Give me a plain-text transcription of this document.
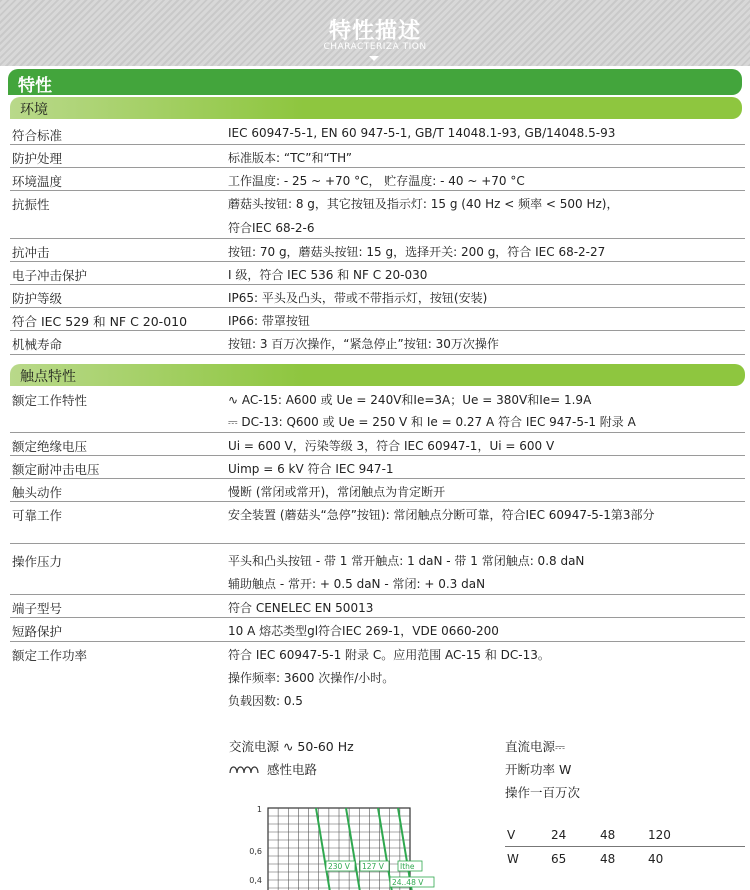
特性描述
CHARACTERIZA TION
特性
环境
符合标准	IEC 60947-5-1, EN 60 947-5-1, GB/T 14048.1-93, GB/14048.5-93
防护处理	标准版本: “TC”和“TH”
环境温度	工作温度: - 25 ~ +70 °C， 贮存温度: - 40 ~ +70 °C
抗振性	蘑菇头按钮: 8 g，其它按钮及指示灯: 15 g (40 Hz < 频率 < 500 Hz)，
符合IEC 68-2-6
抗冲击	按钮: 70 g，蘑菇头按钮: 15 g，选择开关: 200 g，符合 IEC 68-2-27
电子冲击保护	I 级，符合 IEC 536 和 NF C 20-030
防护等级	IP65: 平头及凸头，带或不带指示灯，按钮(安装)
符合 IEC 529 和 NF C 20-010	IP66: 带罩按钮
机械寿命	按钮: 3 百万次操作，“紧急停止”按钮: 30万次操作
触点特性
额定工作特性	∿ AC-15: A600 或 Ue = 240V和Ie=3A；Ue = 380V和Ie= 1.9A
⎓ DC-13: Q600 或 Ue = 250 V 和 Ie = 0.27 A 符合 IEC 947-5-1 附录 A
额定绝缘电压	Ui = 600 V，污染等级 3，符合 IEC 60947-1，Ui = 600 V
额定耐冲击电压	Uimp = 6 kV 符合 IEC 947-1
触头动作	慢断 (常闭或常开)，常闭触点为肯定断开
可靠工作	安全装置 (蘑菇头“急停”按钮): 常闭触点分断可靠，符合IEC 60947-5-1第3部分
操作压力	平头和凸头按钮 - 带 1 常开触点: 1 daN - 带 1 常闭触点: 0.8 daN
辅助触点 - 常开: + 0.5 daN - 常闭: + 0.3 daN
端子型号	符合 CENELEC EN 50013
短路保护	10 A 熔芯类型gl符合IEC 269-1，VDE 0660-200
额定工作功率	符合 IEC 60947-5-1 附录 C。应用范围 AC-15 和 DC-13。
操作频率: 3600 次操作/小时。
负载因数: 0.5
交流电源 ∿ 50-60 Hz
感性电路
直流电源⎓
开断功率 W
操作一百万次
1
0,6
0,4
230 V 127 V Ithe
24..48 V
V	24	48	120
W	65	48	40
